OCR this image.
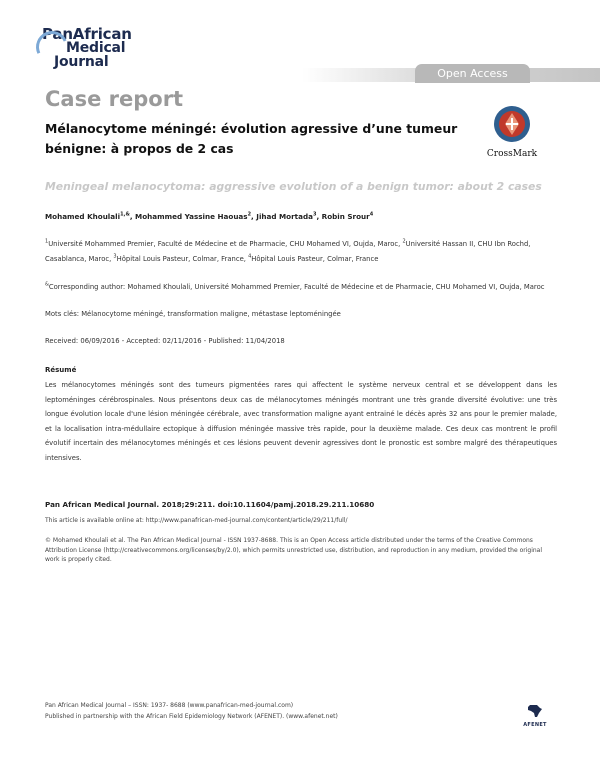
PanAfrican
Medical
Journal
Open Access
Case report
Mélanocytome méningé: évolution agressive d’une tumeur bénigne: à propos de 2 cas	CrossMark
Meningeal melanocytoma: aggressive evolution of a benign tumor: about 2 cases
Mohamed Khoulali$^{1,\&}$, Mohammed Yassine Haouas$^2$, Jihad Mortada$^3$, Robin Srour$^4$
$^1$Université Mohammed Premier, Faculté de Médecine et de Pharmacie, CHU Mohamed VI, Oujda, Maroc, $^2$Université Hassan II, CHU Ibn Rochd, Casablanca, Maroc, $^3$Hôpital Louis Pasteur, Colmar, France, $^4$Hôpital Louis Pasteur, Colmar, France
&Corresponding author: Mohamed Khoulali, Université Mohammed Premier, Faculté de Médecine et de Pharmacie, CHU Mohamed VI, Oujda, Maroc
Mots clés: Mélanocytome méningé, transformation maligne, métastase leptoméningée
Received: 06/09/2016 - Accepted: 02/11/2016 - Published: 11/04/2018
Résumé
Les mélanocytomes méningés sont des tumeurs pigmentées rares qui affectent le système nerveux central et se développent dans les leptoméninges cérébrospinales. Nous présentons deux cas de mélanocytomes méningés montrant une très grande diversité évolutive: une très longue évolution locale d'une lésion méningée cérébrale, avec transformation maligne ayant entrainé le décès après 32 ans pour le premier malade, et la localisation intra-médullaire ectopique à diffusion méningée massive très rapide, pour la deuxième malade. Ces deux cas montrent le profil évolutif incertain des mélanocytomes méningés et ces lésions peuvent devenir agressives dont le pronostic est sombre malgré des thérapeutiques intensives.
Pan African Medical Journal. 2018;29:211. doi:10.11604/pamj.2018.29.211.10680
This article is available online at: http://www.panafrican-med-journal.com/content/article/29/211/full/
© Mohamed Khoulali et al. The Pan African Medical Journal - ISSN 1937-8688. This is an Open Access article distributed under the terms of the Creative Commons Attribution License (http://creativecommons.org/licenses/by/2.0), which permits unrestricted use, distribution, and reproduction in any medium, provided the original work is properly cited.
Pan African Medical Journal – ISSN: 1937- 8688 (www.panafrican-med-journal.com)
Published in partnership with the African Field Epidemiology Network (AFENET). (www.afenet.net)
AFENET
